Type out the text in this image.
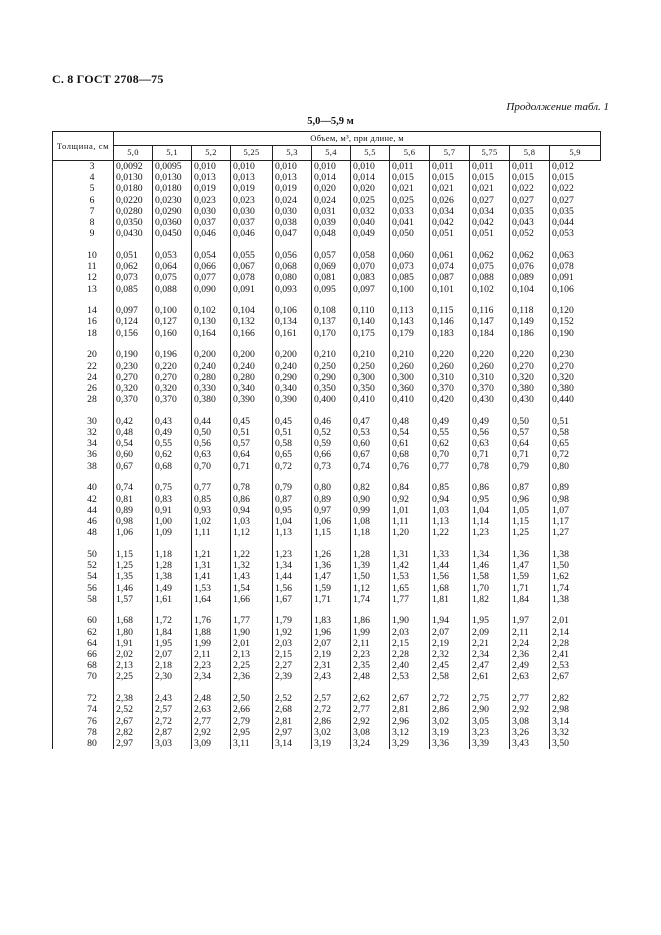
С. 8 ГОСТ 2708—75
Продолжение табл. 1
5,0—5,9 м
Толщина, см	Объем, м³, при длине, м											
	5,0	5,1	5,2	5,25	5,3	5,4	5,5	5,6	5,7	5,75	5,8	5,9
3	0,0092	0,0095	0,010	0,010	0,010	0,010	0,010	0,011	0,011	0,011	0,011	0,012
4	0,0130	0,0130	0,013	0,013	0,013	0,014	0,014	0,015	0,015	0,015	0,015	0,015
5	0,0180	0,0180	0,019	0,019	0,019	0,020	0,020	0,021	0,021	0,021	0,022	0,022
6	0,0220	0,0230	0,023	0,023	0,024	0,024	0,025	0,025	0,026	0,027	0,027	0,027
7	0,0280	0,0290	0,030	0,030	0,030	0,031	0,032	0,033	0,034	0,034	0,035	0,035
8	0,0350	0,0360	0,037	0,037	0,038	0,039	0,040	0,041	0,042	0,042	0,043	0,044
9	0,0430	0,0450	0,046	0,046	0,047	0,048	0,049	0,050	0,051	0,051	0,052	0,053

10	0,051	0,053	0,054	0,055	0,056	0,057	0,058	0,060	0,061	0,062	0,062	0,063
11	0,062	0,064	0,066	0,067	0,068	0,069	0,070	0,073	0,074	0,075	0,076	0,078
12	0,073	0,075	0,077	0,078	0,080	0,081	0,083	0,085	0,087	0,088	0,089	0,091
13	0,085	0,088	0,090	0,091	0,093	0,095	0,097	0,100	0,101	0,102	0,104	0,106

14	0,097	0,100	0,102	0,104	0,106	0,108	0,110	0,113	0,115	0,116	0,118	0,120
16	0,124	0,127	0,130	0,132	0,134	0,137	0,140	0,143	0,146	0,147	0,149	0,152
18	0,156	0,160	0,164	0,166	0,161	0,170	0,175	0,179	0,183	0,184	0,186	0,190

20	0,190	0,196	0,200	0,200	0,200	0,210	0,210	0,210	0,220	0,220	0,220	0,230
22	0,230	0,220	0,240	0,240	0,240	0,250	0,250	0,260	0,260	0,260	0,270	0,270
24	0,270	0,270	0,280	0,280	0,290	0,290	0,300	0,300	0,310	0,310	0,320	0,320
26	0,320	0,320	0,330	0,340	0,340	0,350	0,350	0,360	0,370	0,370	0,380	0,380
28	0,370	0,370	0,380	0,390	0,390	0,400	0,410	0,410	0,420	0,430	0,430	0,440

30	0,42	0,43	0,44	0,45	0,45	0,46	0,47	0,48	0,49	0,49	0,50	0,51
32	0,48	0,49	0,50	0,51	0,51	0,52	0,53	0,54	0,55	0,56	0,57	0,58
34	0,54	0,55	0,56	0,57	0,58	0,59	0,60	0,61	0,62	0,63	0,64	0,65
36	0,60	0,62	0,63	0,64	0,65	0,66	0,67	0,68	0,70	0,71	0,71	0,72
38	0,67	0,68	0,70	0,71	0,72	0,73	0,74	0,76	0,77	0,78	0,79	0,80

40	0,74	0,75	0,77	0,78	0,79	0,80	0,82	0,84	0,85	0,86	0,87	0,89
42	0,81	0,83	0,85	0,86	0,87	0,89	0,90	0,92	0,94	0,95	0,96	0,98
44	0,89	0,91	0,93	0,94	0,95	0,97	0,99	1,01	1,03	1,04	1,05	1,07
46	0,98	1,00	1,02	1,03	1,04	1,06	1,08	1,11	1,13	1,14	1,15	1,17
48	1,06	1,09	1,11	1,12	1,13	1,15	1,18	1,20	1,22	1,23	1,25	1,27

50	1,15	1,18	1,21	1,22	1,23	1,26	1,28	1,31	1,33	1,34	1,36	1,38
52	1,25	1,28	1,31	1,32	1,34	1,36	1,39	1,42	1,44	1,46	1,47	1,50
54	1,35	1,38	1,41	1,43	1,44	1,47	1,50	1,53	1,56	1,58	1,59	1,62
56	1,46	1,49	1,53	1,54	1,56	1,59	1,12	1,65	1,68	1,70	1,71	1,74
58	1,57	1,61	1,64	1,66	1,67	1,71	1,74	1,77	1,81	1,82	1,84	1,38

60	1,68	1,72	1,76	1,77	1,79	1,83	1,86	1,90	1,94	1,95	1,97	2,01
62	1,80	1,84	1,88	1,90	1,92	1,96	1,99	2,03	2,07	2,09	2,11	2,14
64	1,91	1,95	1,99	2,01	2,03	2,07	2,11	2,15	2,19	2,21	2,24	2,28
66	2,02	2,07	2,11	2,13	2,15	2,19	2,23	2,28	2,32	2,34	2,36	2,41
68	2,13	2,18	2,23	2,25	2,27	2,31	2,35	2,40	2,45	2,47	2,49	2,53
70	2,25	2,30	2,34	2,36	2,39	2,43	2,48	2,53	2,58	2,61	2,63	2,67

72	2,38	2,43	2,48	2,50	2,52	2,57	2,62	2,67	2,72	2,75	2,77	2,82
74	2,52	2,57	2,63	2,66	2,68	2,72	2,77	2,81	2,86	2,90	2,92	2,98
76	2,67	2,72	2,77	2,79	2,81	2,86	2,92	2,96	3,02	3,05	3,08	3,14
78	2,82	2,87	2,92	2,95	2,97	3,02	3,08	3,12	3,19	3,23	3,26	3,32
80	2,97	3,03	3,09	3,11	3,14	3,19	3,24	3,29	3,36	3,39	3,43	3,50
